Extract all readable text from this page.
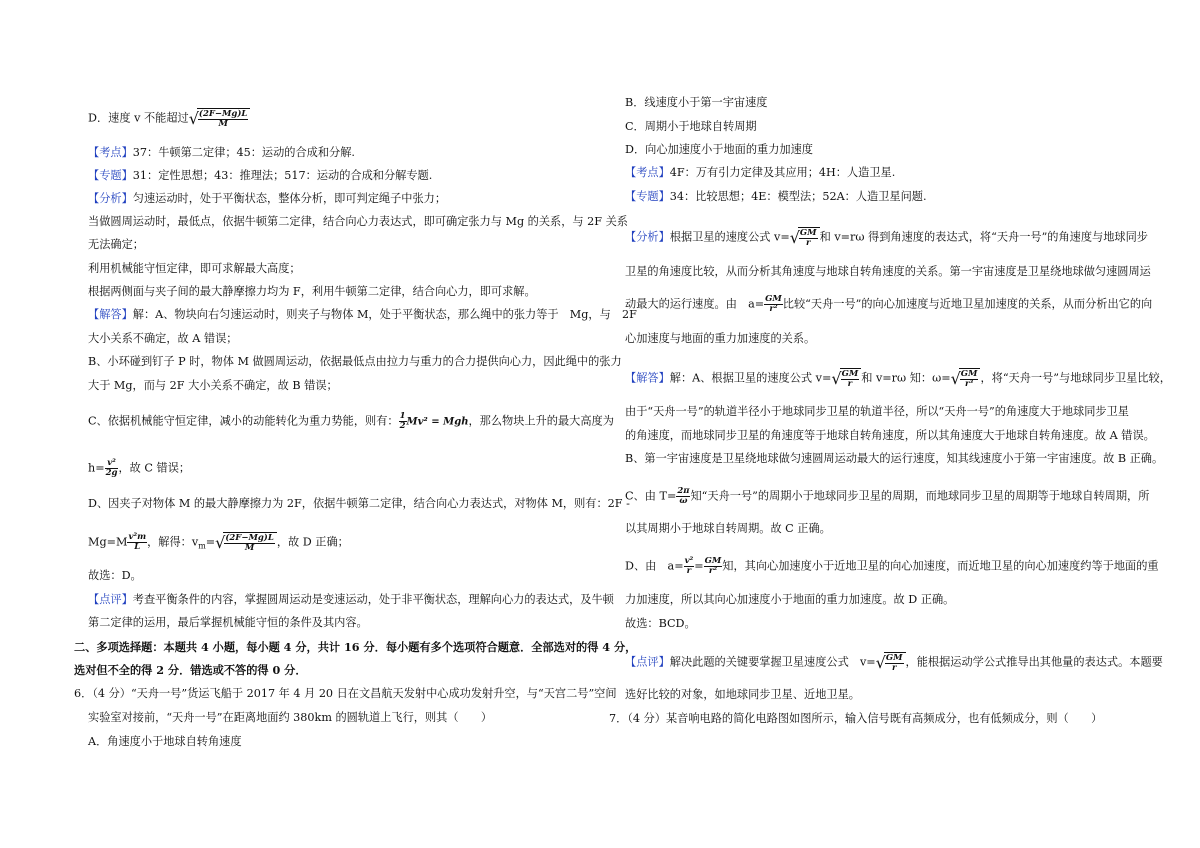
D．速度 v 不能超过√ $\frac{(2F-Mg)L}{M}$
【考点】37：牛顿第二定律；45：运动的合成和分解.
【专题】31：定性思想；43：推理法；517：运动的合成和分解专题.
【分析】匀速运动时，处于平衡状态，整体分析，即可判定绳子中张力；
当做圆周运动时，最低点，依据牛顿第二定律，结合向心力表达式，即可确定张力与 Mg 的关系，与 2F 关系
无法确定；
利用机械能守恒定律，即可求解最大高度；
根据两侧面与夹子间的最大静摩擦力均为 F，利用牛顿第二定律，结合向心力，即可求解。
【解答】解：A、物块向右匀速运动时，则夹子与物体 M，处于平衡状态，那么绳中的张力等于　Mg，与　2F
大小关系不确定，故 A 错误；
B、小环碰到钉子 P 时，物体 M 做圆周运动，依据最低点由拉力与重力的合力提供向心力，因此绳中的张力
大于 Mg，而与 2F 大小关系不确定，故 B 错误；
C、依据机械能守恒定律，减小的动能转化为重力势能，则有： $\frac{1}{2} Mv^2$ = Mgh，那么物块上升的最大高度为
$h= \frac{\text{v²}}{2g}$ ，故 C 错误；
D、因夹子对物体 M 的最大静摩擦力为 2F，依据牛顿第二定律，结合向心力表达式，对物体 M，则有：2F -
$Mg=M \frac{\text{v²m}}{L}$ ，解得：$v_m=√ \frac{(2F-Mg)L}{M}$ ，故 D 正确；
故选：D。
【点评】考查平衡条件的内容，掌握圆周运动是变速运动，处于非平衡状态，理解向心力的表达式，及牛顿
第二定律的运用，最后掌握机械能守恒的条件及其内容。
二、多项选择题：本题共 4 小题，每小题 4 分，共计 16 分．每小题有多个选项符合题意．全部选对的得 4 分，
选对但不全的得 2 分．错选或不答的得 0 分．
6．（4 分）“天舟一号”货运飞船于 2017 年 4 月 20 日在文昌航天发射中心成功发射升空，与“天宫二号”空间
实验室对接前，“天舟一号”在距离地面约 380km 的圆轨道上飞行，则其（　　）
A．角速度小于地球自转角速度
B．线速度小于第一宇宙速度
C．周期小于地球自转周期
D．向心加速度小于地面的重力加速度
【考点】4F：万有引力定律及其应用；4H：人造卫星.
【专题】34：比较思想；4E：模型法；52A：人造卫星问题.
【分析】根据卫星的速度公式 $v=√ \frac{GM}{r}$ 和 v=rω 得到角速度的表达式，将“天舟一号”的角速度与地球同步
卫星的角速度比较，从而分析其角速度与地球自转角速度的关系。第一宇宙速度是卫星绕地球做匀速圆周运
动最大的运行速度。由　$a= \frac{GM}{\text{r²}}$ 比较“天舟一号”的向心加速度与近地卫星加速度的关系，从而分析出它的向
心加速度与地面的重力加速度的关系。
【解答】解：A、根据卫星的速度公式 $v=√ \frac{GM}{r}$ 和 v=rω 知：$\omega=√ \frac{GM}{\text{r³}}$ ，将“天舟一号”与地球同步卫星比较，
由于“天舟一号”的轨道半径小于地球同步卫星的轨道半径，所以“天舟一号”的角速度大于地球同步卫星
的角速度，而地球同步卫星的角速度等于地球自转角速度，所以其角速度大于地球自转角速度。故 A 错误。
B、第一宇宙速度是卫星绕地球做匀速圆周运动最大的运行速度，知其线速度小于第一宇宙速度。故 B 正确。
C、由 $T= \frac{2\pi}{\omega}$ 知“天舟一号”的周期小于地球同步卫星的周期，而地球同步卫星的周期等于地球自转周期，所
以其周期小于地球自转周期。故 C 正确。
D、由　$a= \frac{\text{v²}}{r} = \frac{GM}{\text{r²}}$ 知，其向心加速度小于近地卫星的向心加速度，而近地卫星的向心加速度约等于地面的重
力加速度，所以其向心加速度小于地面的重力加速度。故 D 正确。
故选：BCD。
【点评】解决此题的关键要掌握卫星速度公式　$v=√ \frac{GM}{r}$ ，能根据运动学公式推导出其他量的表达式。本题要
选好比较的对象，如地球同步卫星、近地卫星。
7．（4 分）某音响电路的简化电路图如图所示，输入信号既有高频成分，也有低频成分，则（　　）
